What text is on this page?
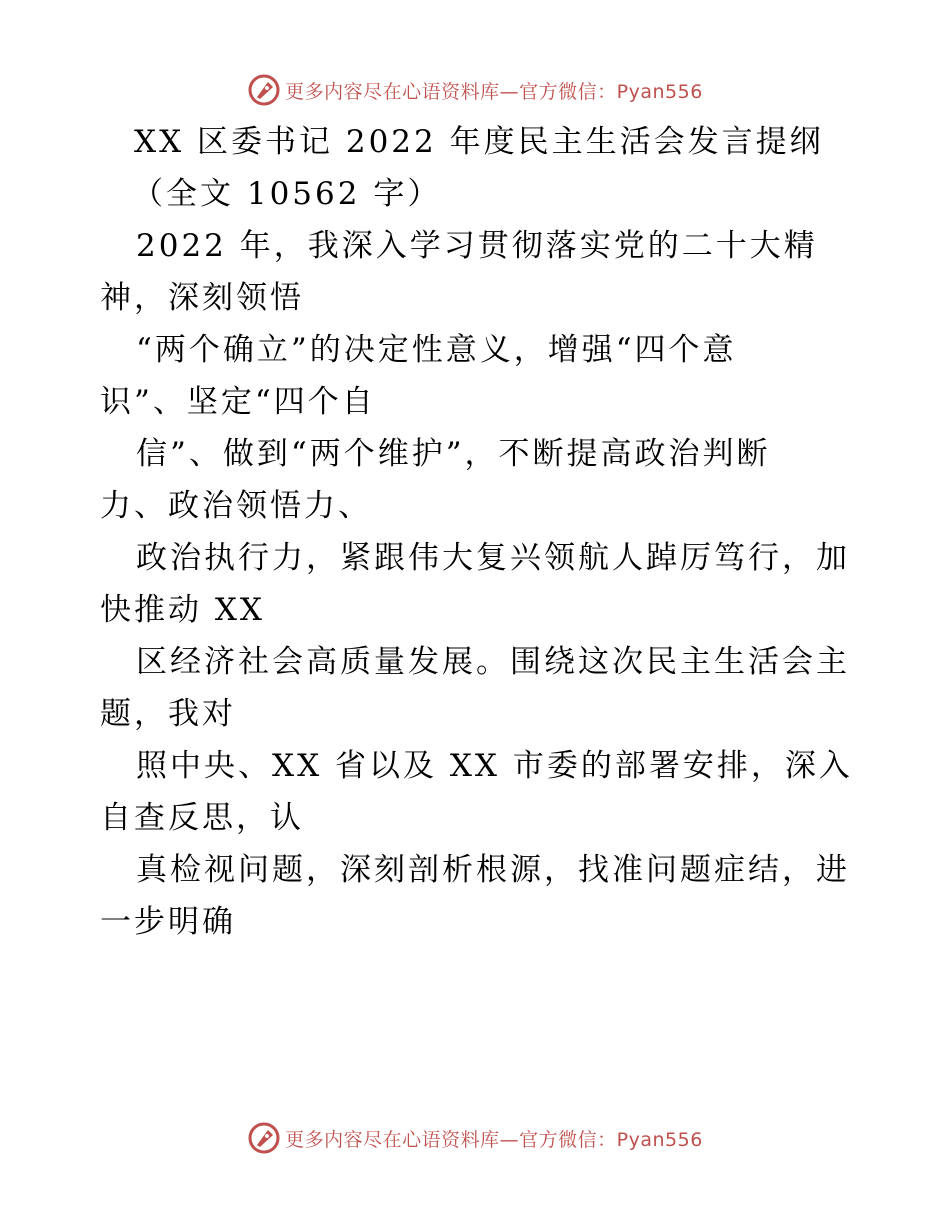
更多内容尽在心语资料库—官方微信：Pyan556
XX 区委书记 2022 年度民主生活会发言提纲
（全文 10562 字）
2022 年，我深入学习贯彻落实党的二十大精
神，深刻领悟
“两个确立”的决定性意义，增强“四个意
识”、坚定“四个自
信”、做到“两个维护”，不断提高政治判断
力、政治领悟力、
政治执行力，紧跟伟大复兴领航人踔厉笃行，加
快推动 XX
区经济社会高质量发展。围绕这次民主生活会主
题，我对
照中央、XX 省以及 XX 市委的部署安排，深入
自查反思，认
真检视问题，深刻剖析根源，找准问题症结，进
一步明确
更多内容尽在心语资料库—官方微信：Pyan556
